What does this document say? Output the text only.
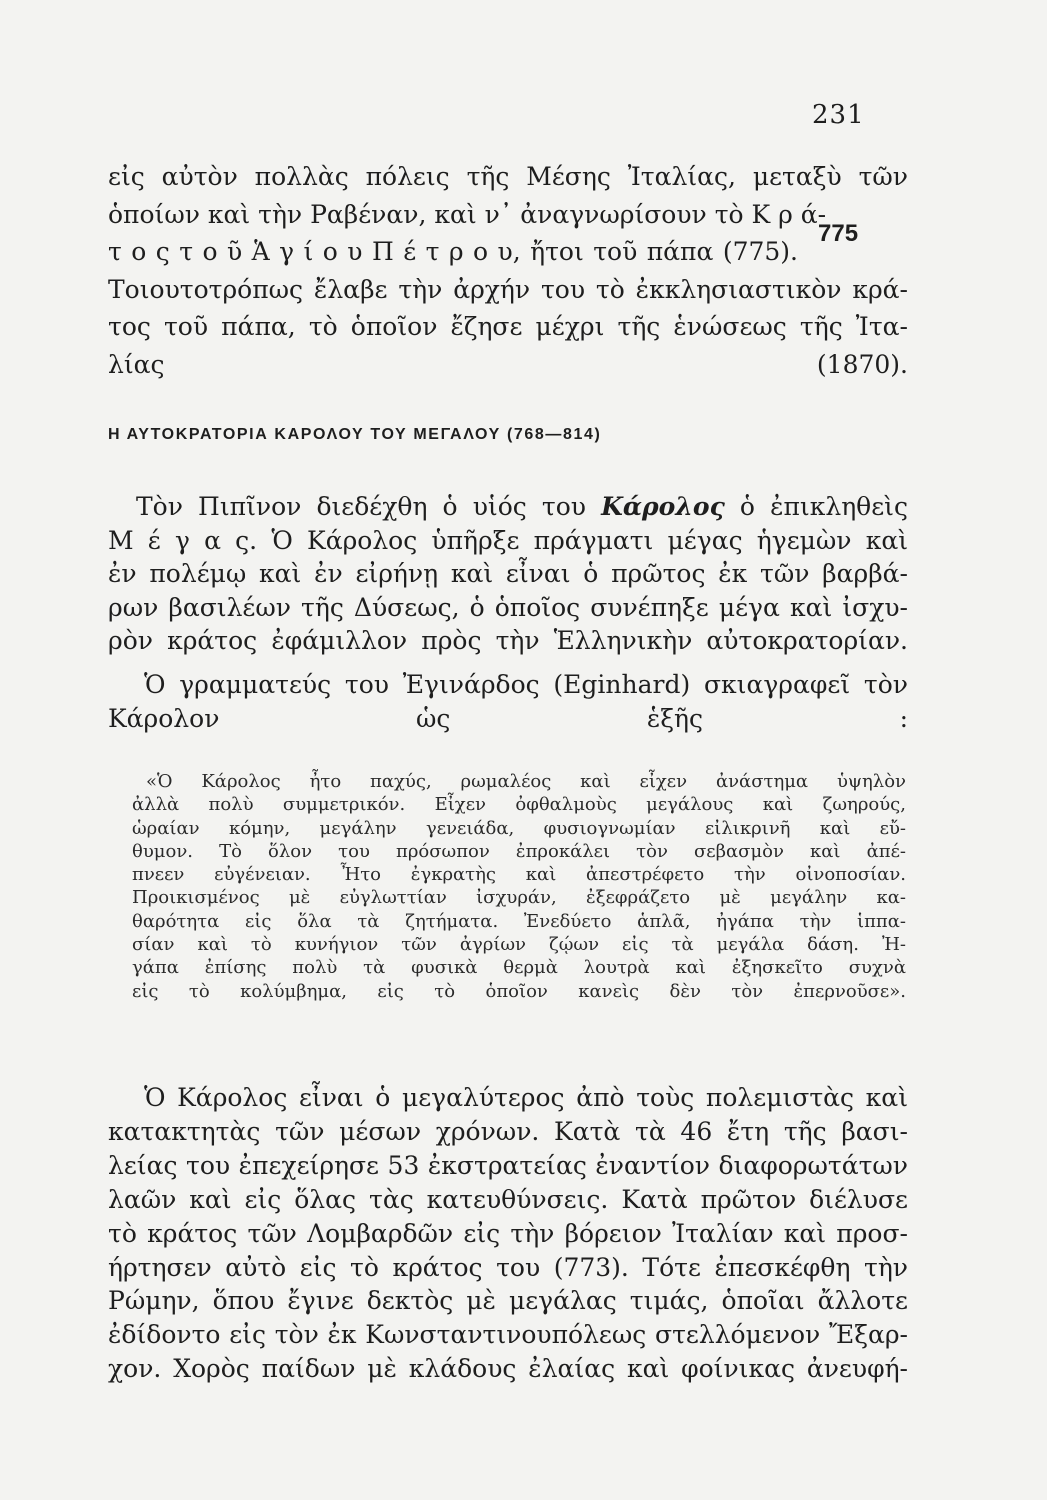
231
775

εἰς αὐτὸν πολλὰς πόλεις τῆς Μέσης Ἰταλίας, μεταξὺ τῶν
ὁποίων καὶ τὴν Ραβέναν, καὶ ν᾿ ἀναγνωρίσουν τὸ Κ ρ ά-
τ ο ς τ ο ῦ Ἁ γ ί ο υ Π έ τ ρ ο υ, ἤτοι τοῦ πάπα (775).
Τοιουτοτρόπως ἔλαβε τὴν ἀρχήν του τὸ ἐκκλησιαστικὸν κρά-
τος τοῦ πάπα, τὸ ὁποῖον ἔζησε μέχρι τῆς ἑνώσεως τῆς Ἰτα-
λίας (1870).

Η ΑΥΤΟΚΡΑΤΟΡΙΑ ΚΑΡΟΛΟΥ ΤΟΥ ΜΕΓΑΛΟΥ (768—814)

Τὸν Πιπῖνον διεδέχθη ὁ υἱός του Κάρολος ὁ ἐπικληθεὶς
Μ έ γ α ς. Ὁ Κάρολος ὑπῆρξε πράγματι μέγας ἡγεμὼν καὶ
ἐν πολέμῳ καὶ ἐν εἰρήνῃ καὶ εἶναι ὁ πρῶτος ἐκ τῶν βαρβά-
ρων βασιλέων τῆς Δύσεως, ὁ ὁποῖος συνέπηξε μέγα καὶ ἰσχυ-
ρὸν κράτος ἐφάμιλλον πρὸς τὴν Ἑλληνικὴν αὐτοκρατορίαν.

Ὁ γραμματεύς του Ἐγινάρδος (Eginhard) σκιαγραφεῖ τὸν
Κάρολον ὡς ἑξῆς :

«Ὁ Κάρολος ἦτο παχύς, ρωμαλέος καὶ εἶχεν ἀνάστημα ὑψηλὸν
ἀλλὰ πολὺ συμμετρικόν. Εἶχεν ὀφθαλμοὺς μεγάλους καὶ ζωηρούς,
ὡραίαν κόμην, μεγάλην γενειάδα, φυσιογνωμίαν εἰλικρινῆ καὶ εὔ-
θυμον. Τὸ ὅλον του πρόσωπον ἐπροκάλει τὸν σεβασμὸν καὶ ἀπέ-
πνεεν εὐγένειαν. Ἦτο ἐγκρατὴς καὶ ἀπεστρέφετο τὴν οἰνοποσίαν.
Προικισμένος μὲ εὐγλωττίαν ἰσχυράν, ἐξεφράζετο μὲ μεγάλην κα-
θαρότητα εἰς ὅλα τὰ ζητήματα. Ἐνεδύετο ἁπλᾶ, ἠγάπα τὴν ἱππα-
σίαν καὶ τὸ κυνήγιον τῶν ἀγρίων ζῴων εἰς τὰ μεγάλα δάση. Ἠ-
γάπα ἐπίσης πολὺ τὰ φυσικὰ θερμὰ λουτρὰ καὶ ἐξησκεῖτο συχνὰ
εἰς τὸ κολύμβημα, εἰς τὸ ὁποῖον κανεὶς δὲν τὸν ἐπερνοῦσε».

Ὁ Κάρολος εἶναι ὁ μεγαλύτερος ἀπὸ τοὺς πολεμιστὰς καὶ
κατακτητὰς τῶν μέσων χρόνων. Κατὰ τὰ 46 ἔτη τῆς βασι-
λείας του ἐπεχείρησε 53 ἐκστρατείας ἐναντίον διαφορωτάτων
λαῶν καὶ εἰς ὅλας τὰς κατευθύνσεις. Κατὰ πρῶτον διέλυσε
τὸ κράτος τῶν Λομβαρδῶν εἰς τὴν βόρειον Ἰταλίαν καὶ προσ-
ήρτησεν αὐτὸ εἰς τὸ κράτος του (773). Τότε ἐπεσκέφθη τὴν
Ρώμην, ὅπου ἔγινε δεκτὸς μὲ μεγάλας τιμάς, ὁποῖαι ἄλλοτε
ἐδίδοντο εἰς τὸν ἐκ Κωνσταντινουπόλεως στελλόμενον Ἔξαρ-
χον. Χορὸς παίδων μὲ κλάδους ἐλαίας καὶ φοίνικας ἀνευφή-
